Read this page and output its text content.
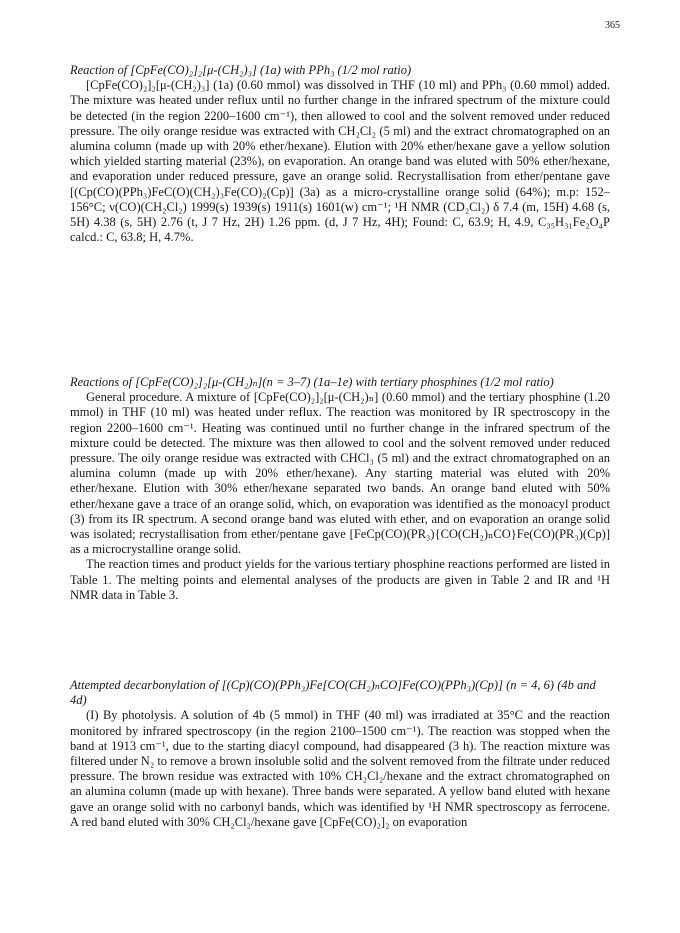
365
Reaction of [CpFe(CO)₂]₂[μ-(CH₂)₃] (1a) with PPh₃ (1/2 mol ratio)
[CpFe(CO)₂]₂[μ-(CH₂)₃] (1a) (0.60 mmol) was dissolved in THF (10 ml) and PPh₃ (0.60 mmol) added. The mixture was heated under reflux until no further change in the infrared spectrum of the mixture could be detected (in the region 2200–1600 cm⁻¹), then allowed to cool and the solvent removed under reduced pressure. The oily orange residue was extracted with CH₂Cl₂ (5 ml) and the extract chromatographed on an alumina column (made up with 20% ether/hexane). Elution with 20% ether/hexane gave a yellow solution which yielded starting material (23%), on evaporation. An orange band was eluted with 50% ether/hexane, and evaporation under reduced pressure, gave an orange solid. Recrystallisation from ether/pentane gave [(Cp(CO)(PPh₃)FeC(O)(CH₂)₃Fe(CO)₂(Cp)] (3a) as a micro-crystalline orange solid (64%); m.p: 152–156°C; ν(CO)(CH₂Cl₂) 1999(s) 1939(s) 1911(s) 1601(w) cm⁻¹; ¹H NMR (CD₂Cl₂) δ 7.4 (m, 15H) 4.68 (s, 5H) 4.38 (s, 5H) 2.76 (t, J 7 Hz, 2H) 1.26 ppm. (d, J 7 Hz, 4H); Found: C, 63.9; H, 4.9, C₃₅H₃₁Fe₂O₄P calcd.: C, 63.8; H, 4.7%.
Reactions of [CpFe(CO)₂]₂[μ-(CH₂)ₙ](n = 3–7) (1a–1e) with tertiary phosphines (1/2 mol ratio)
General procedure. A mixture of [CpFe(CO)₂]₂[μ-(CH₂)ₙ] (0.60 mmol) and the tertiary phosphine (1.20 mmol) in THF (10 ml) was heated under reflux. The reaction was monitored by IR spectroscopy in the region 2200–1600 cm⁻¹. Heating was continued until no further change in the infrared spectrum of the mixture could be detected. The mixture was then allowed to cool and the solvent removed under reduced pressure. The oily orange residue was extracted with CHCl₃ (5 ml) and the extract chromatographed on an alumina column (made up with 20% ether/hexane). Any starting material was eluted with 20% ether/hexane. Elution with 30% ether/hexane separated two bands. An orange band eluted with 50% ether/hexane gave a trace of an orange solid, which, on evaporation was identified as the monoacyl product (3) from its IR spectrum. A second orange band was eluted with ether, and on evaporation an orange solid was isolated; recrystallisation from ether/pentane gave [FeCp(CO)(PR₃){CO(CH₂)ₙCO}Fe(CO)(PR₃)(Cp)] as a microcrystalline orange solid.
The reaction times and product yields for the various tertiary phosphine reactions performed are listed in Table 1. The melting points and elemental analyses of the products are given in Table 2 and IR and ¹H NMR data in Table 3.
Attempted decarbonylation of [(Cp)(CO)(PPh₃)Fe[CO(CH₂)ₙCO]Fe(CO)(PPh₃)(Cp)] (n = 4, 6) (4b and 4d)
(I) By photolysis. A solution of 4b (5 mmol) in THF (40 ml) was irradiated at 35°C and the reaction monitored by infrared spectroscopy (in the region 2100–1500 cm⁻¹). The reaction was stopped when the band at 1913 cm⁻¹, due to the starting diacyl compound, had disappeared (3 h). The reaction mixture was filtered under N₂ to remove a brown insoluble solid and the solvent removed from the filtrate under reduced pressure. The brown residue was extracted with 10% CH₂Cl₂/hexane and the extract chromatographed on an alumina column (made up with hexane). Three bands were separated. A yellow band eluted with hexane gave an orange solid with no carbonyl bands, which was identified by ¹H NMR spectroscopy as ferrocene. A red band eluted with 30% CH₂Cl₂/hexane gave [CpFe(CO)₂]₂ on evaporation
